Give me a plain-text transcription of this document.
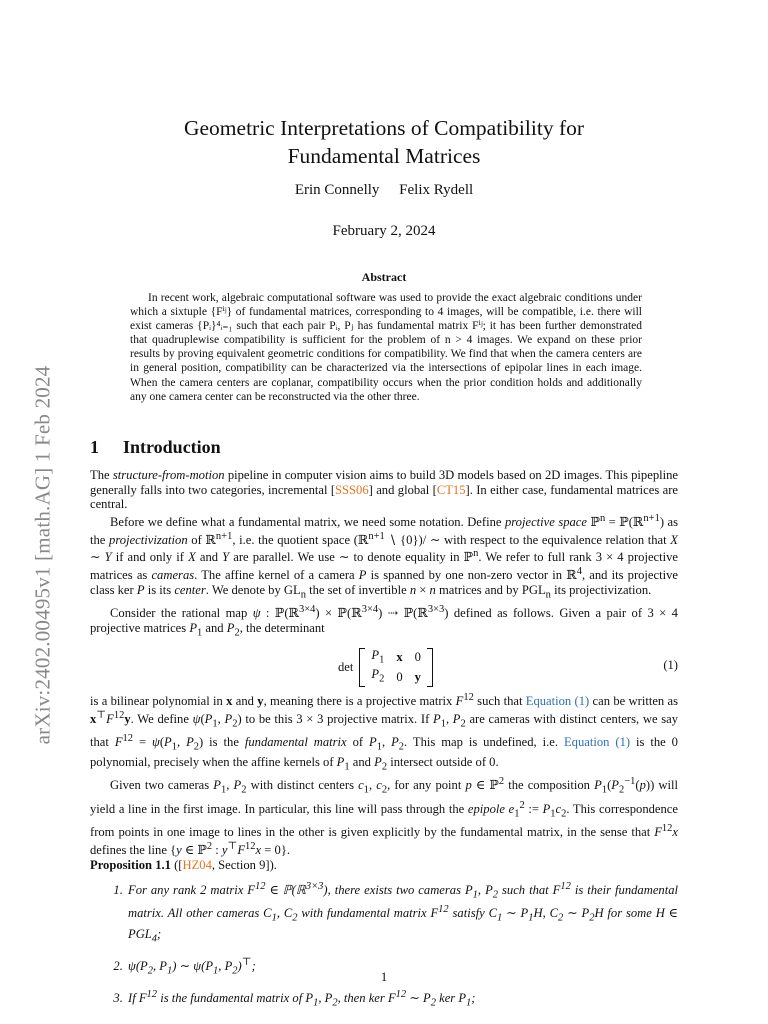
arXiv:2402.00495v1 [math.AG] 1 Feb 2024
Geometric Interpretations of Compatibility for
Fundamental Matrices
Erin Connelly Felix Rydell
February 2, 2024
Abstract

In recent work, algebraic computational software was used to provide the exact algebraic conditions under which a sixtuple {Fⁱʲ} of fundamental matrices, corresponding to 4 images, will be compatible, i.e. there will exist cameras {Pᵢ}⁴ᵢ₌₁ such that each pair Pᵢ, Pⱼ has fundamental matrix Fⁱʲ; it has been further demonstrated that quadruplewise compatibility is sufficient for the problem of n > 4 images. We expand on these prior results by proving equivalent geometric conditions for compatibility. We find that when the camera centers are in general position, compatibility can be characterized via the intersections of epipolar lines in each image. When the camera centers are coplanar, compatibility occurs when the prior condition holds and additionally any one camera center can be reconstructed via the other three.

1 Introduction

The structure-from-motion pipeline in computer vision aims to build 3D models based on 2D images. This pipepline generally falls into two categories, incremental [SSS06] and global [CT15]. In either case, fundamental matrices are central.

Before we define what a fundamental matrix, we need some notation. Define projective space ℙ$^n$ = ℙ(ℝ$^{n+1}$) as the projectivization of ℝ$^{n+1}$, i.e. the quotient space (ℝ$^{n+1}$ ∖ {0})/ ∼ with respect to the equivalence relation that X ∼ Y if and only if X and Y are parallel. We use ∼ to denote equality in ℙ$^n$. We refer to full rank 3 × 4 projective matrices as cameras. The affine kernel of a camera P is spanned by one non-zero vector in ℝ$^4$, and its projective class ker P is its center. We denote by $GL_n$ the set of invertible n × n matrices and by $PGL_n$ its projectivization.

Consider the rational map ψ : ℙ(ℝ$^{3\times 4}$) × ℙ(ℝ$^{3\times 4}$) ⇢ ℙ(ℝ$^{3\times 3}$) defined as follows. Given a pair of 3 × 4 projective matrices $P_1$ and $P_2$, the determinant

det
$P_1$	x	0
$P_2$	0	y
(1)

is a bilinear polynomial in x and y, meaning there is a projective matrix $F^{12}$ such that Equation (1) can be written as $x^⊤F^{12}y$. We define $\psi(P_1$, $P_2$) to be this 3 × 3 projective matrix. If $P_1$, $P_2$ are cameras with distinct centers, we say that $F^{12} = \psi(P_1$, $P_2$) is the fundamental matrix of $P_1$, $P_2$. This map is undefined, i.e. Equation (1) is the 0 polynomial, precisely when the affine kernels of $P_1$ and $P_2$ intersect outside of 0.

Given two cameras $P_1$, $P_2$ with distinct centers $c_1$, $c_2$, for any point p ∈ ℙ$^2$ the composition $P_1(P_2^{-1}(p))$ will yield a line in the first image. In particular, this line will pass through the epipole $e_1^2$ := $P_1c_2$. This correspondence from points in one image to lines in the other is given explicitly by the fundamental matrix, in the sense that $F^{12}x$ defines the line {y ∈ ℙ$^2$ : $y^⊤F^{12}x = 0$}.

Proposition 1.1 ([HZ04, Section 9]).

1. For any rank 2 matrix $F^{12}$ ∈ ℙ(ℝ$^{3\times 3}$), there exists two cameras $P_1$, $P_2$ such that $F^{12}$ is their fundamental matrix. All other cameras $C_1$, $C_2$ with fundamental matrix $F^{12}$ satisfy $C_1$ ∼ $P_1H$, $C_2$ ∼ $P_2H$ for some H ∈ $PGL_4$;
2. $\psi(P_2$, $P_1$) ∼ $\psi(P_1$, $P_2)^⊤$;
3. If $F^{12}$ is the fundamental matrix of $P_1$, $P_2$, then ker $F^{12}$ ∼ $P_2$ ker $P_1$;
1
